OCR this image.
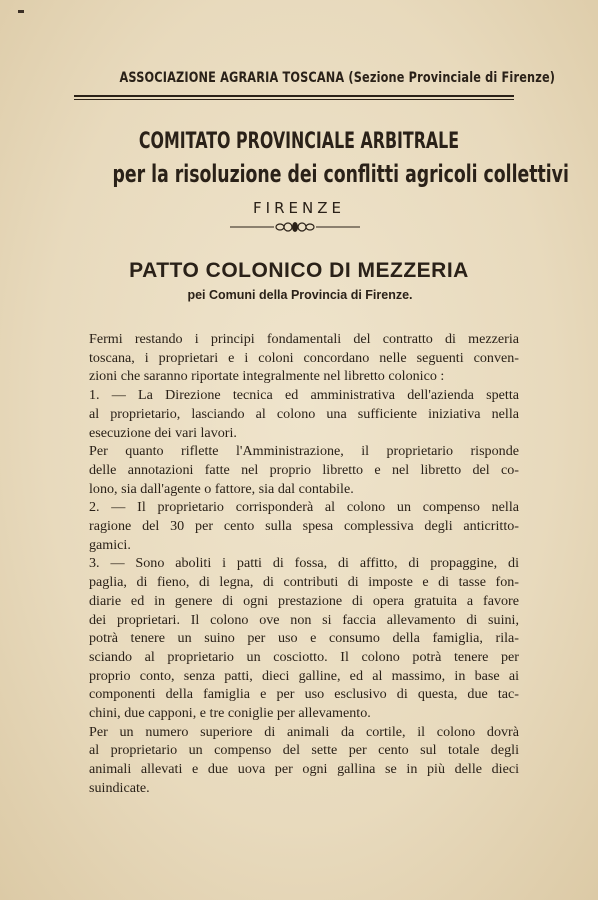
ASSOCIAZIONE AGRARIA TOSCANA (Sezione Provinciale di Firenze)
COMITATO PROVINCIALE ARBITRALE
per la risoluzione dei conflitti agricoli collettivi
FIRENZE
PATTO COLONICO DI MEZZERIA
pei Comuni della Provincia di Firenze.
Fermi restando i principi fondamentali del contratto di mezzeria
toscana, i proprietari e i coloni concordano nelle seguenti conven-
zioni che saranno riportate integralmente nel libretto colonico :
1. — La Direzione tecnica ed amministrativa dell'azienda spetta
al proprietario, lasciando al colono una sufficiente iniziativa nella
esecuzione dei vari lavori.
Per quanto riflette l'Amministrazione, il proprietario risponde
delle annotazioni fatte nel proprio libretto e nel libretto del co-
lono, sia dall'agente o fattore, sia dal contabile.
2. — Il proprietario corrisponderà al colono un compenso nella
ragione del 30 per cento sulla spesa complessiva degli anticritto-
gamici.
3. — Sono aboliti i patti di fossa, di affitto, di propaggine, di
paglia, di fieno, di legna, di contributi di imposte e di tasse fon-
diarie ed in genere di ogni prestazione di opera gratuita a favore
dei proprietari. Il colono ove non si faccia allevamento di suini,
potrà tenere un suino per uso e consumo della famiglia, rila-
sciando al proprietario un cosciotto. Il colono potrà tenere per
proprio conto, senza patti, dieci galline, ed al massimo, in base ai
componenti della famiglia e per uso esclusivo di questa, due tac-
chini, due capponi, e tre coniglie per allevamento.
Per un numero superiore di animali da cortile, il colono dovrà
al proprietario un compenso del sette per cento sul totale degli
animali allevati e due uova per ogni gallina se in più delle dieci
suindicate.
